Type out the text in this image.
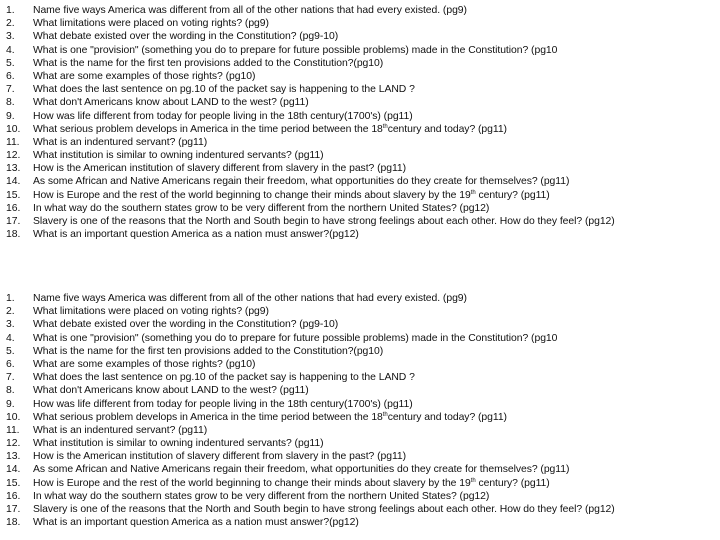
1.	Name five ways America was different from all of the other nations that had every existed. (pg9)
2.	What limitations were placed on voting rights? (pg9)
3.	What debate existed over the wording in the Constitution? (pg9-10)
4.	What is one "provision" (something you do to prepare for future possible problems) made in the Constitution? (pg10
5.	What is the name for the first ten provisions added to the Constitution?(pg10)
6.	What are some examples of those rights? (pg10)
7.	What does the last sentence on pg.10 of the packet say is happening to the LAND ?
8.	What don't Americans know about LAND to the west? (pg11)
9.	How was life different from today for people living in the 18th century(1700's) (pg11)
10.	What serious problem develops in America in the time period between the 18thcentury and today? (pg11)
11.	What is an indentured servant? (pg11)
12.	What institution is similar to owning indentured servants? (pg11)
13.	How is the American institution of slavery different from slavery in the past? (pg11)
14.	As some African and Native Americans regain their freedom, what opportunities do they create for themselves? (pg11)
15.	How is Europe and the rest of the world beginning to change their minds about slavery by the 19th century? (pg11)
16.	In what way do the southern states grow to be very different from the northern United States? (pg12)
17.	Slavery is one of the reasons that the North and South begin to have strong feelings about each other. How do they feel? (pg12)
18.	What is an important question America as a nation must answer?(pg12)
1.	Name five ways America was different from all of the other nations that had every existed. (pg9)
2.	What limitations were placed on voting rights? (pg9)
3.	What debate existed over the wording in the Constitution? (pg9-10)
4.	What is one "provision" (something you do to prepare for future possible problems) made in the Constitution? (pg10
5.	What is the name for the first ten provisions added to the Constitution?(pg10)
6.	What are some examples of those rights? (pg10)
7.	What does the last sentence on pg.10 of the packet say is happening to the LAND ?
8.	What don't Americans know about LAND to the west? (pg11)
9.	How was life different from today for people living in the 18th century(1700's) (pg11)
10.	What serious problem develops in America in the time period between the 18thcentury and today? (pg11)
11.	What is an indentured servant? (pg11)
12.	What institution is similar to owning indentured servants? (pg11)
13.	How is the American institution of slavery different from slavery in the past? (pg11)
14.	As some African and Native Americans regain their freedom, what opportunities do they create for themselves? (pg11)
15.	How is Europe and the rest of the world beginning to change their minds about slavery by the 19th century? (pg11)
16.	In what way do the southern states grow to be very different from the northern United States? (pg12)
17.	Slavery is one of the reasons that the North and South begin to have strong feelings about each other. How do they feel? (pg12)
18.	What is an important question America as a nation must answer?(pg12)
